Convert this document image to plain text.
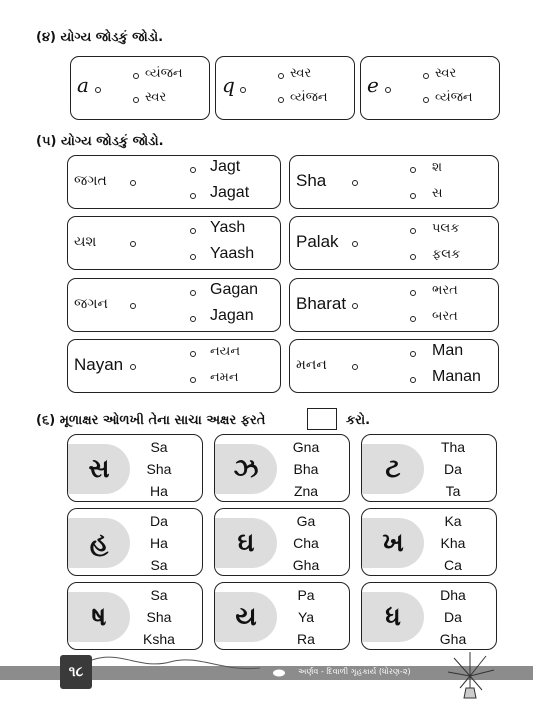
(૪) યોગ્ય જોડકું જોડો.
a	વ્યંજન
સ્વર
q	સ્વર
વ્યંજન
e	સ્વર
વ્યંજન
(૫) યોગ્ય જોડકું જોડો.
જગત
Jagt
Jagat
Sha
શ
સ
યશ
Yash
Yaash
Palak
પલક
ફલક
જગન
Gagan
Jagan
Bharat
ભરત
બરત
Nayan
નયન
નમન
મનન
Man
Manan
(૬) મૂળાક્ષર ઓળખી તેના સાચા અક્ષર ફરતે	કરો.
સ
Sa
Sha
Ha
ઝ
Gna
Bha
Zna
ટ
Tha
Da
Ta
હ
Da
Ha
Sa
ઘ
Ga
Cha
Gha
ખ
Ka
Kha
Ca
ષ
Sa
Sha
Ksha
ય
Pa
Ya
Ra
ધ
Dha
Da
Gha
૧૮	અર્ણવ - દિવાળી ગૃહકાર્ય (ધોરણ-૨)
